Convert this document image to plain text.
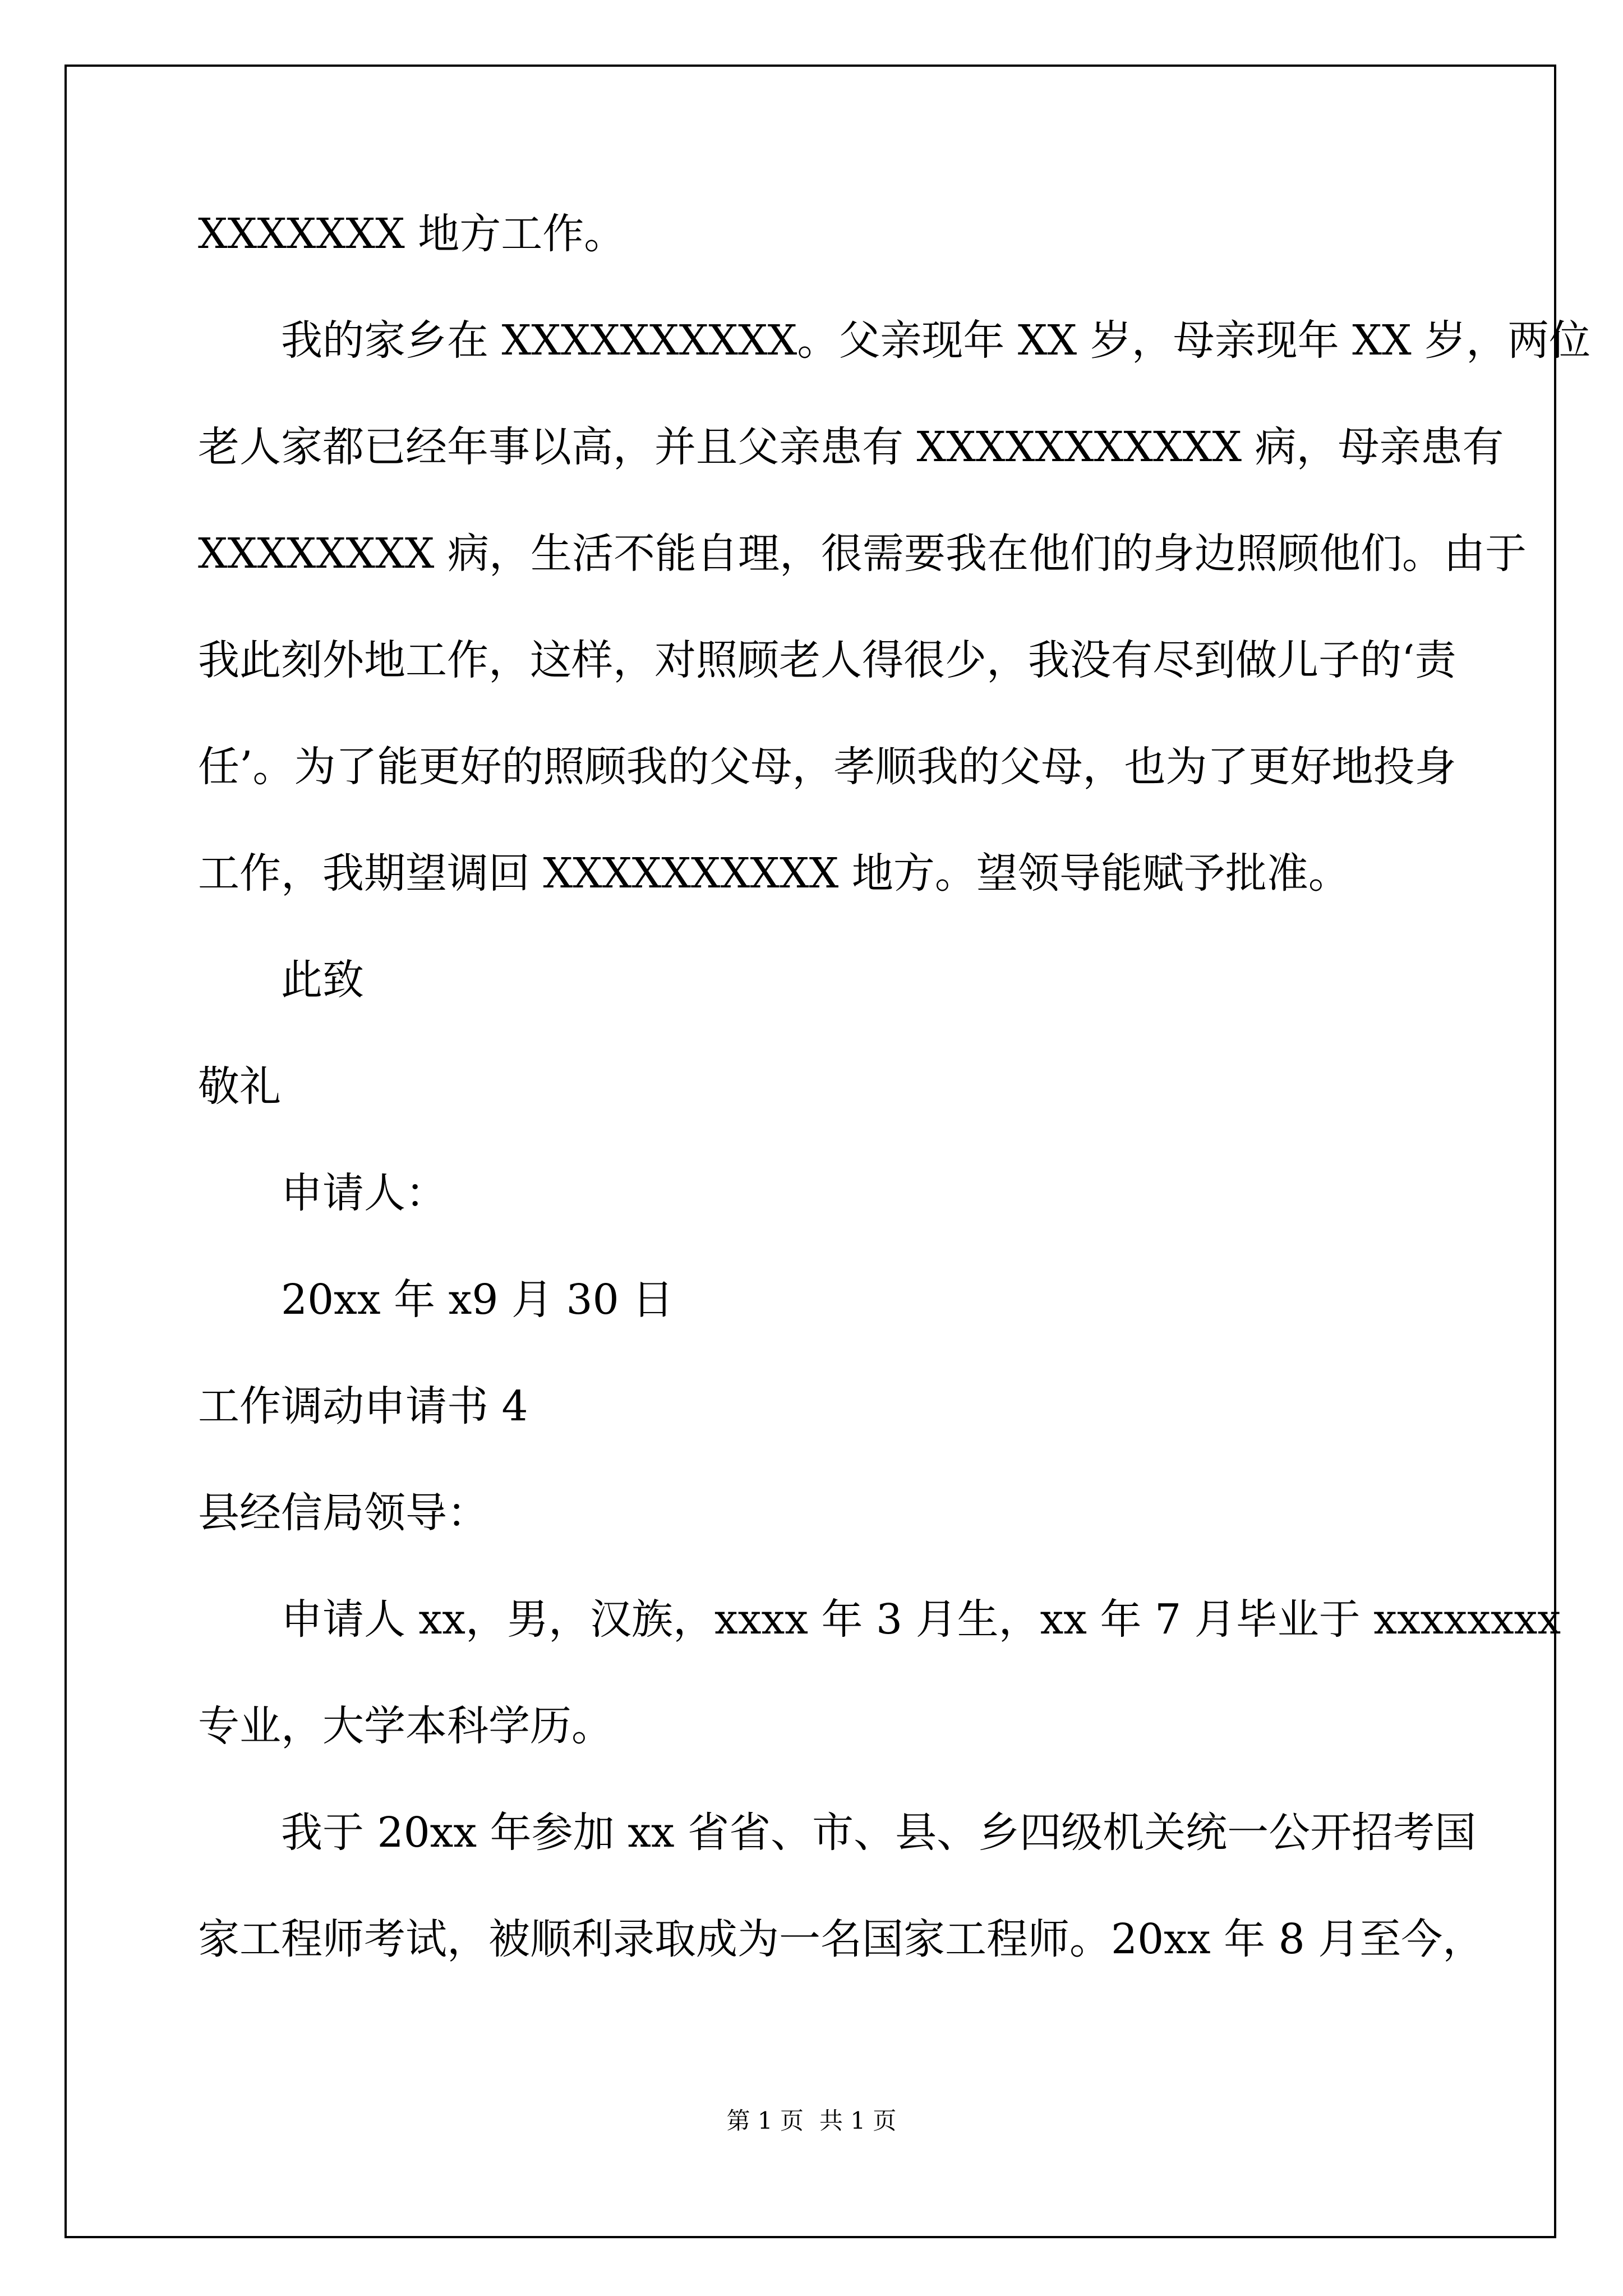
XXXXXXX 地方工作。
我的家乡在 XXXXXXXXXX。父亲现年 XX 岁，母亲现年 XX 岁，两位
老人家都已经年事以高，并且父亲患有 XXXXXXXXXXX 病，母亲患有
XXXXXXXX 病，生活不能自理，很需要我在他们的身边照顾他们。由于
我此刻外地工作，这样，对照顾老人得很少，我没有尽到做儿子的‘责
任’。为了能更好的照顾我的父母，孝顺我的父母，也为了更好地投身
工作，我期望调回 XXXXXXXXXX 地方。望领导能赋予批准。
此致
敬礼
申请人：
20xx 年 x9 月 30 日
工作调动申请书 4
县经信局领导：
申请人 xx，男，汉族，xxxx 年 3 月生，xx 年 7 月毕业于 xxxxxxxx
专业，大学本科学历。
我于 20xx 年参加 xx 省省、市、县、乡四级机关统一公开招考国
家工程师考试，被顺利录取成为一名国家工程师。20xx 年 8 月至今，
第 1 页 共 1 页
